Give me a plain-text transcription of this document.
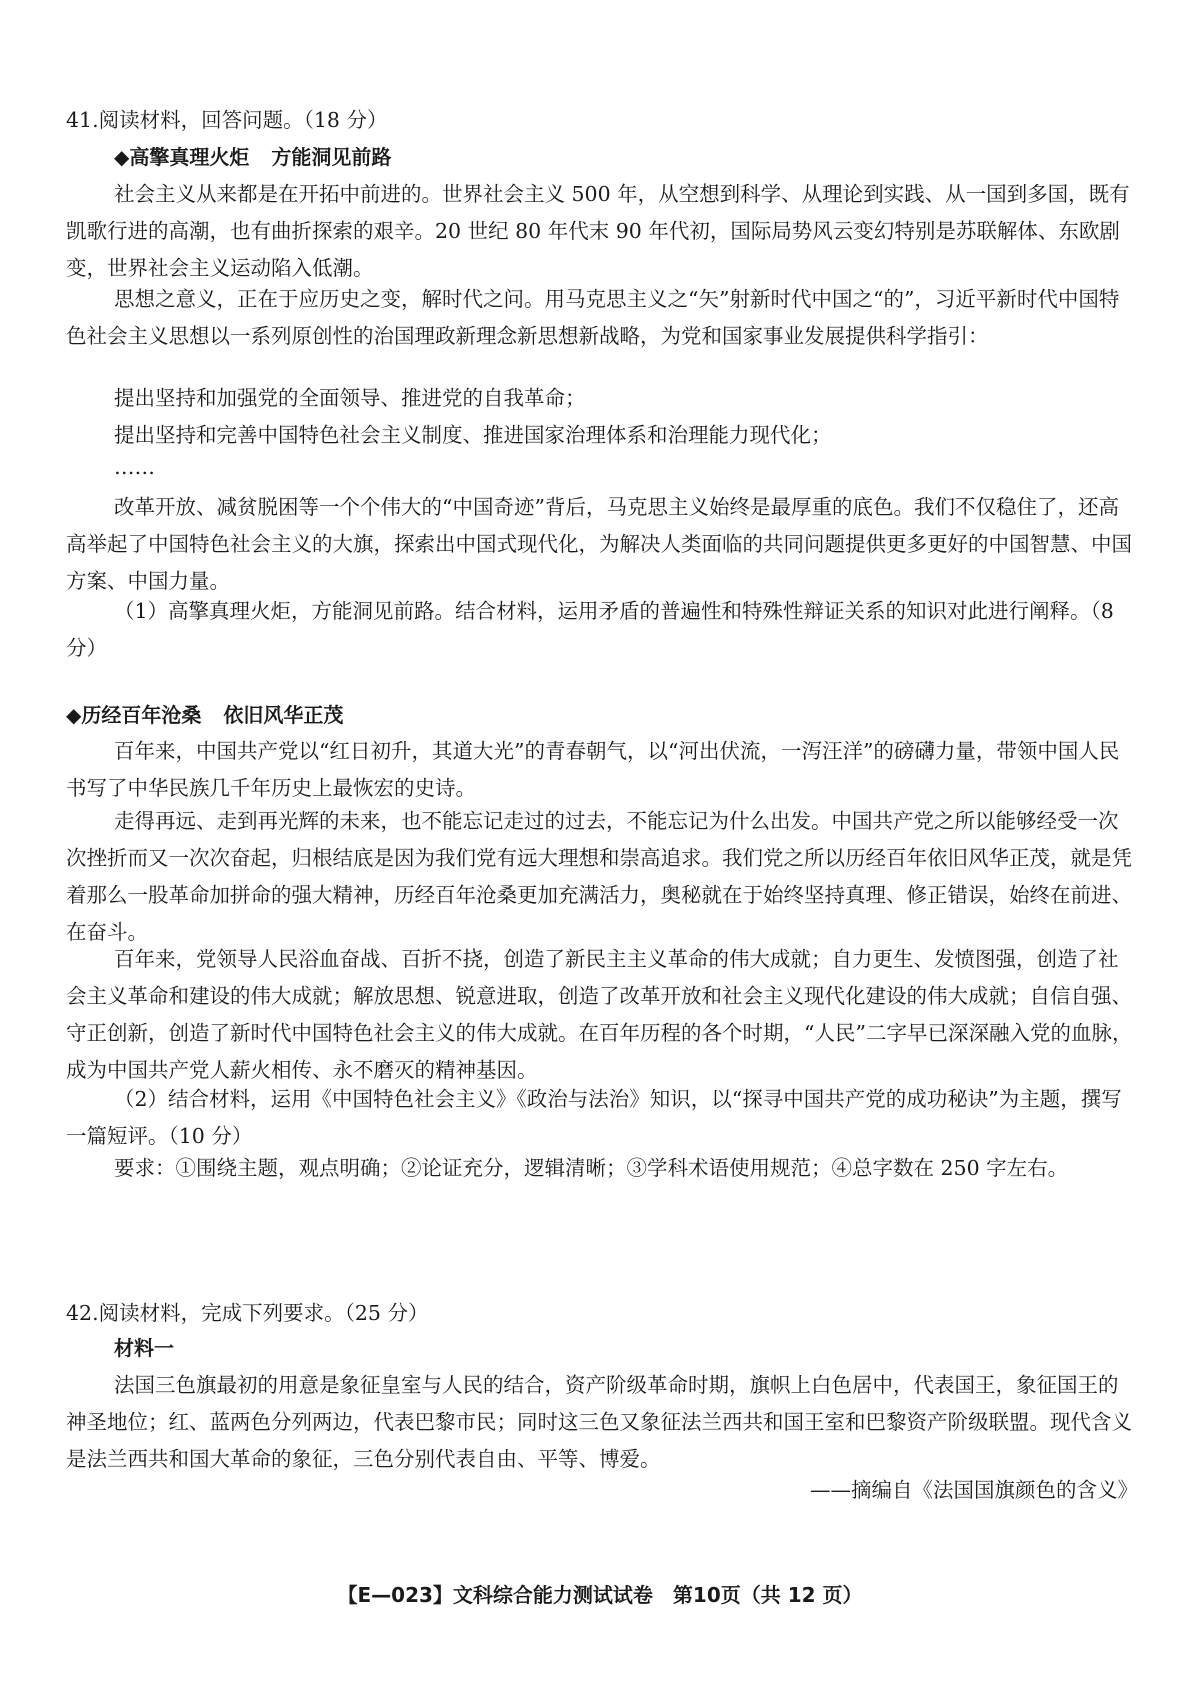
41.阅读材料，回答问题。（18 分）

◆高擎真理火炬 方能洞见前路

社会主义从来都是在开拓中前进的。世界社会主义 500 年，从空想到科学、从理论到实践、从一国到多国，既有凯歌行进的高潮，也有曲折探索的艰辛。20 世纪 80 年代末 90 年代初，国际局势风云变幻特别是苏联解体、东欧剧变，世界社会主义运动陷入低潮。

思想之意义，正在于应历史之变，解时代之问。用马克思主义之“矢”射新时代中国之“的”，习近平新时代中国特色社会主义思想以一系列原创性的治国理政新理念新思想新战略，为党和国家事业发展提供科学指引：

提出坚持和加强党的全面领导、推进党的自我革命；

提出坚持和完善中国特色社会主义制度、推进国家治理体系和治理能力现代化；

……

改革开放、减贫脱困等一个个伟大的“中国奇迹”背后，马克思主义始终是最厚重的底色。我们不仅稳住了，还高高举起了中国特色社会主义的大旗，探索出中国式现代化，为解决人类面临的共同问题提供更多更好的中国智慧、中国方案、中国力量。

（1）高擎真理火炬，方能洞见前路。结合材料，运用矛盾的普遍性和特殊性辩证关系的知识对此进行阐释。（8 分）

◆历经百年沧桑 依旧风华正茂

百年来，中国共产党以“红日初升，其道大光”的青春朝气，以“河出伏流，一泻汪洋”的磅礴力量，带领中国人民书写了中华民族几千年历史上最恢宏的史诗。

走得再远、走到再光辉的未来，也不能忘记走过的过去，不能忘记为什么出发。中国共产党之所以能够经受一次次挫折而又一次次奋起，归根结底是因为我们党有远大理想和崇高追求。我们党之所以历经百年依旧风华正茂，就是凭着那么一股革命加拼命的强大精神，历经百年沧桑更加充满活力，奥秘就在于始终坚持真理、修正错误，始终在前进、在奋斗。

百年来，党领导人民浴血奋战、百折不挠，创造了新民主主义革命的伟大成就；自力更生、发愤图强，创造了社会主义革命和建设的伟大成就；解放思想、锐意进取，创造了改革开放和社会主义现代化建设的伟大成就；自信自强、守正创新，创造了新时代中国特色社会主义的伟大成就。在百年历程的各个时期，“人民”二字早已深深融入党的血脉，成为中国共产党人薪火相传、永不磨灭的精神基因。

（2）结合材料，运用《中国特色社会主义》《政治与法治》知识，以“探寻中国共产党的成功秘诀”为主题，撰写一篇短评。（10 分）

要求：①围绕主题，观点明确；②论证充分，逻辑清晰；③学科术语使用规范；④总字数在 250 字左右。

42.阅读材料，完成下列要求。（25 分）

材料一

法国三色旗最初的用意是象征皇室与人民的结合，资产阶级革命时期，旗帜上白色居中，代表国王，象征国王的神圣地位；红、蓝两色分列两边，代表巴黎市民；同时这三色又象征法兰西共和国王室和巴黎资产阶级联盟。现代含义是法兰西共和国大革命的象征，三色分别代表自由、平等、博爱。

——摘编自《法国国旗颜色的含义》

【E—023】文科综合能力测试试卷　第10页（共 12 页）
